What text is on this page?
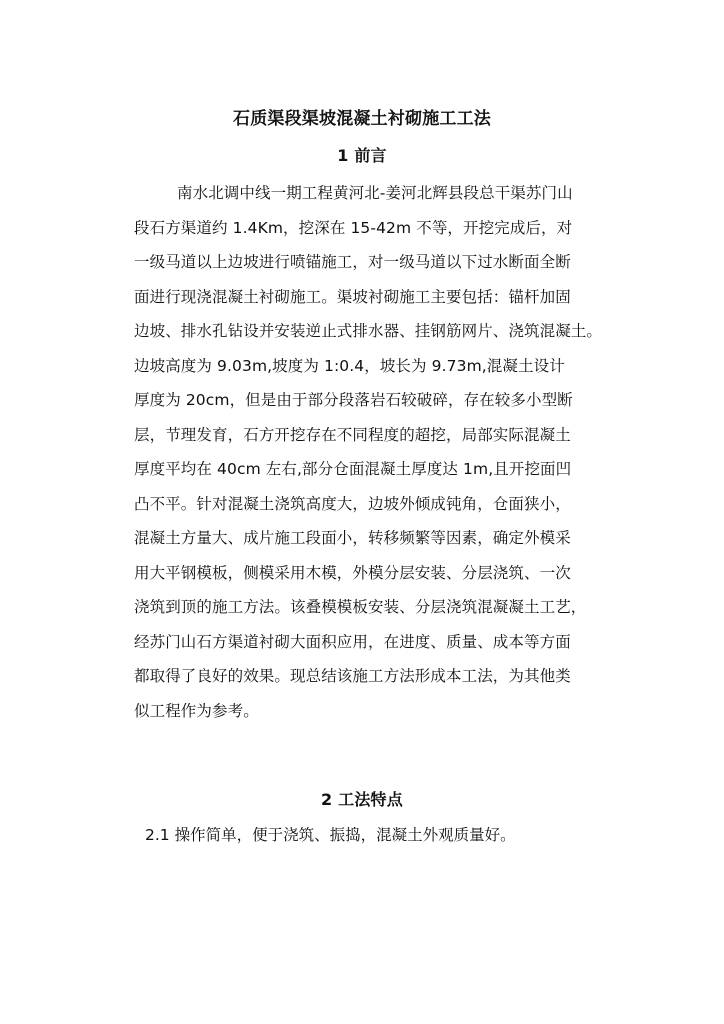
石质渠段渠坡混凝土衬砌施工工法
1 前言
南水北调中线一期工程黄河北-姜河北辉县段总干渠苏门山
段石方渠道约 1.4Km，挖深在 15-42m 不等，开挖完成后，对
一级马道以上边坡进行喷锚施工，对一级马道以下过水断面全断
面进行现浇混凝土衬砌施工。渠坡衬砌施工主要包括：锚杆加固
边坡、排水孔钻设并安装逆止式排水器、挂钢筋网片、浇筑混凝土。
边坡高度为 9.03m,坡度为 1:0.4，坡长为 9.73m,混凝土设计
厚度为 20cm，但是由于部分段落岩石较破碎，存在较多小型断
层，节理发育，石方开挖存在不同程度的超挖，局部实际混凝土
厚度平均在 40cm 左右,部分仓面混凝土厚度达 1m,且开挖面凹
凸不平。针对混凝土浇筑高度大，边坡外倾成钝角，仓面狭小，
混凝土方量大、成片施工段面小，转移频繁等因素，确定外模采
用大平钢模板，侧模采用木模，外模分层安装、分层浇筑、一次
浇筑到顶的施工方法。该叠模模板安装、分层浇筑混凝凝土工艺，
经苏门山石方渠道衬砌大面积应用，在进度、质量、成本等方面
都取得了良好的效果。现总结该施工方法形成本工法，为其他类
似工程作为参考。
2 工法特点
2.1 操作简单，便于浇筑、振捣，混凝土外观质量好。
